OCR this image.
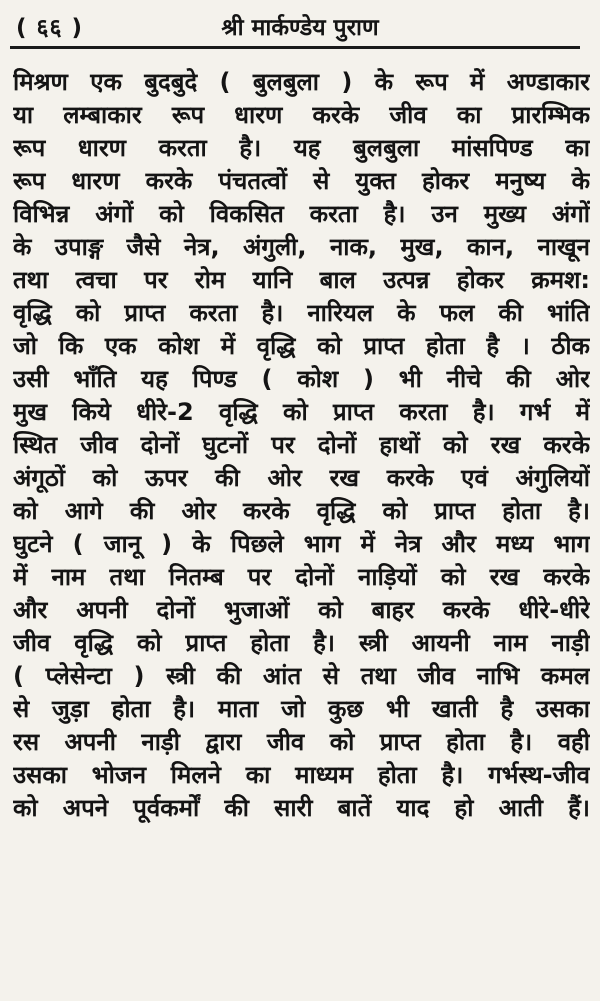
( ६६ )	श्री मार्कण्डेय पुराण
मिश्रण एक बुदबुदे ( बुलबुला ) के रूप में अण्डाकार
या लम्बाकार रूप धारण करके जीव का प्रारम्भिक
रूप धारण करता है। यह बुलबुला मांसपिण्ड का
रूप धारण करके पंचतत्वों से युक्त होकर मनुष्य के
विभिन्न अंगों को विकसित करता है। उन मुख्य अंगों
के उपाङ्ग जैसे नेत्र, अंगुली, नाक, मुख, कान, नाखून
तथा त्वचा पर रोम यानि बाल उत्पन्न होकर क्रमश:
वृद्धि को प्राप्त करता है। नारियल के फल की भांति
जो कि एक कोश में वृद्धि को प्राप्त होता है । ठीक
उसी भाँति यह पिण्ड ( कोश ) भी नीचे की ओर
मुख किये धीरे-2 वृद्धि को प्राप्त करता है। गर्भ में
स्थित जीव दोनों घुटनों पर दोनों हाथों को रख करके
अंगूठों को ऊपर की ओर रख करके एवं अंगुलियों
को आगे की ओर करके वृद्धि को प्राप्त होता है।
घुटने ( जानू ) के पिछले भाग में नेत्र और मध्य भाग
में नाम तथा नितम्ब पर दोनों नाड़ियों को रख करके
और अपनी दोनों भुजाओं को बाहर करके धीरे-धीरे
जीव वृद्धि को प्राप्त होता है। स्त्री आयनी नाम नाड़ी
( प्लेसेन्टा ) स्त्री की आंत से तथा जीव नाभि कमल
से जुड़ा होता है। माता जो कुछ भी खाती है उसका
रस अपनी नाड़ी द्वारा जीव को प्राप्त होता है। वही
उसका भोजन मिलने का माध्यम होता है। गर्भस्थ-जीव
को अपने पूर्वकर्मों की सारी बातें याद हो आती हैं।
